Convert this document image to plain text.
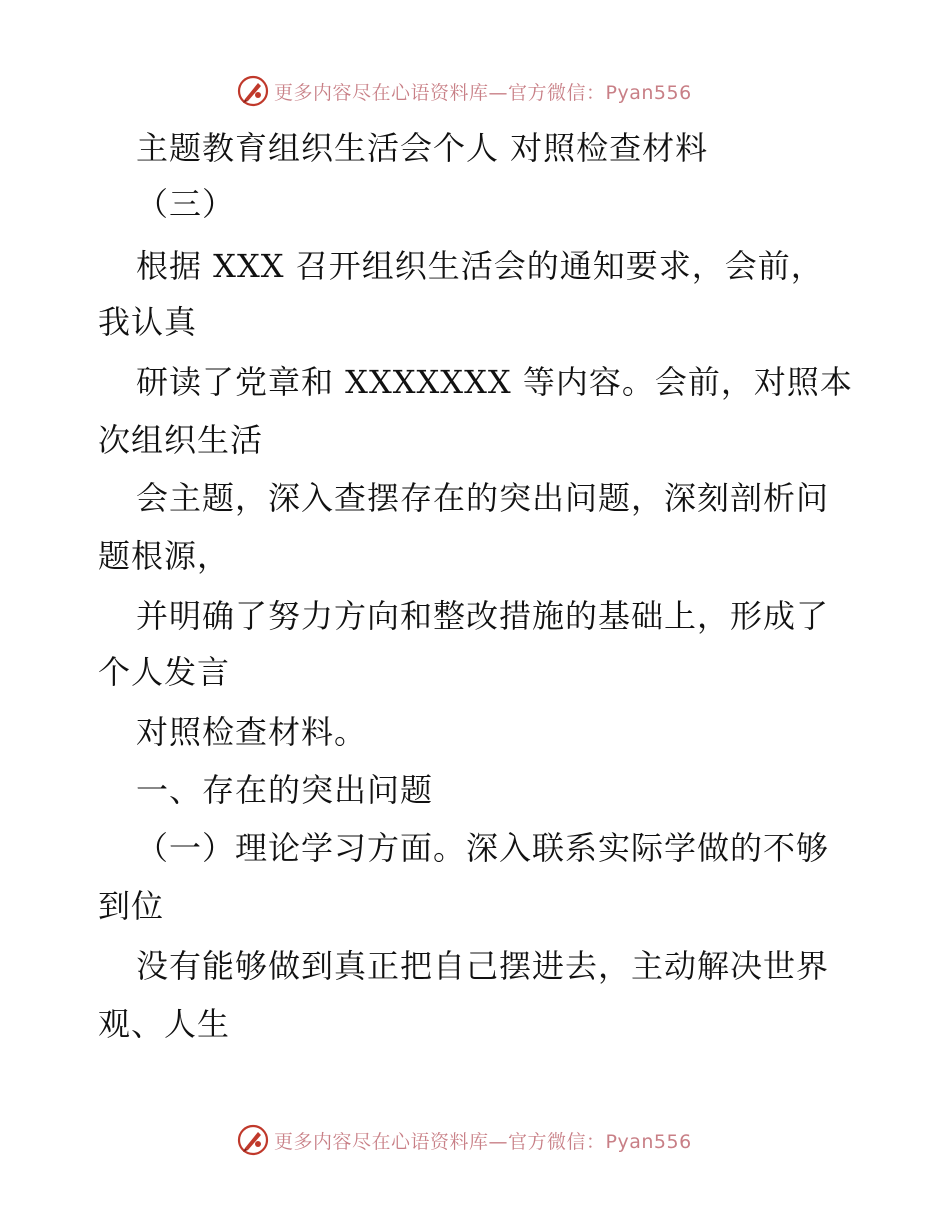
更多内容尽在心语资料库—官方微信：Pyan556
主题教育组织生活会个人 对照检查材料
（三）
根据 XXX 召开组织生活会的通知要求，会前，
我认真
研读了党章和 XXXXXXX 等内容。会前，对照本
次组织生活
会主题，深入查摆存在的突出问题，深刻剖析问
题根源，
并明确了努力方向和整改措施的基础上，形成了
个人发言
对照检查材料。
一、存在的突出问题
（一）理论学习方面。深入联系实际学做的不够
到位
没有能够做到真正把自己摆进去，主动解决世界
观、人生
更多内容尽在心语资料库—官方微信：Pyan556
